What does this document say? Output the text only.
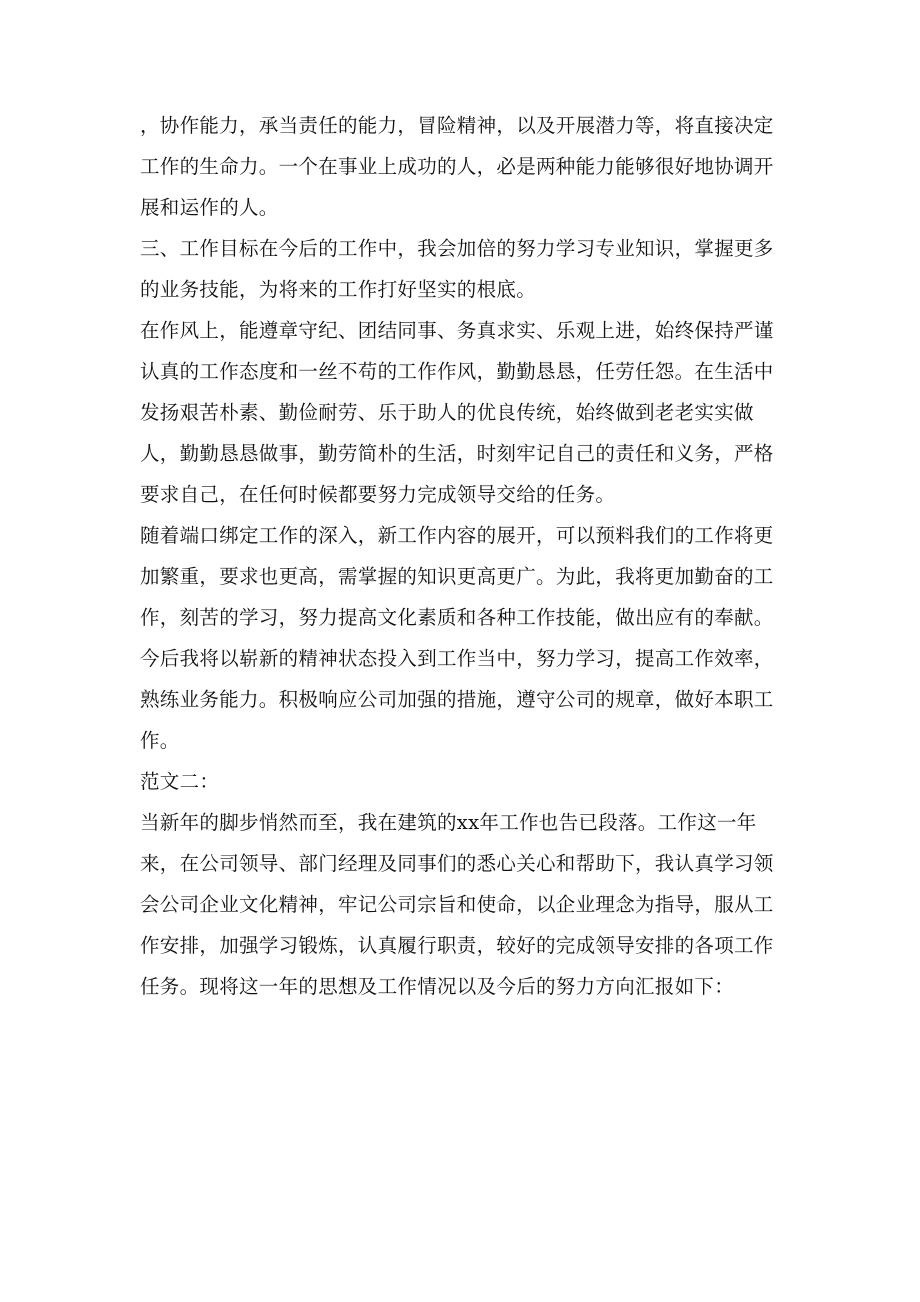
，协作能力，承当责任的能力，冒险精神，以及开展潜力等，将直接决定工作的生命力。一个在事业上成功的人，必是两种能力能够很好地协调开展和运作的人。

三、工作目标在今后的工作中，我会加倍的努力学习专业知识，掌握更多的业务技能，为将来的工作打好坚实的根底。

在作风上，能遵章守纪、团结同事、务真求实、乐观上进，始终保持严谨认真的工作态度和一丝不苟的工作作风，勤勤恳恳，任劳任怨。在生活中发扬艰苦朴素、勤俭耐劳、乐于助人的优良传统，始终做到老老实实做人，勤勤恳恳做事，勤劳简朴的生活，时刻牢记自己的责任和义务，严格要求自己，在任何时候都要努力完成领导交给的任务。

随着端口绑定工作的深入，新工作内容的展开，可以预料我们的工作将更加繁重，要求也更高，需掌握的知识更高更广。为此，我将更加勤奋的工作，刻苦的学习，努力提高文化素质和各种工作技能，做出应有的奉献。

今后我将以崭新的精神状态投入到工作当中，努力学习，提高工作效率，熟练业务能力。积极响应公司加强的措施，遵守公司的规章，做好本职工作。

范文二：

当新年的脚步悄然而至，我在建筑的xx年工作也告已段落。工作这一年来，在公司领导、部门经理及同事们的悉心关心和帮助下，我认真学习领会公司企业文化精神，牢记公司宗旨和使命，以企业理念为指导，服从工作安排，加强学习锻炼，认真履行职责，较好的完成领导安排的各项工作任务。现将这一年的思想及工作情况以及今后的努力方向汇报如下：
